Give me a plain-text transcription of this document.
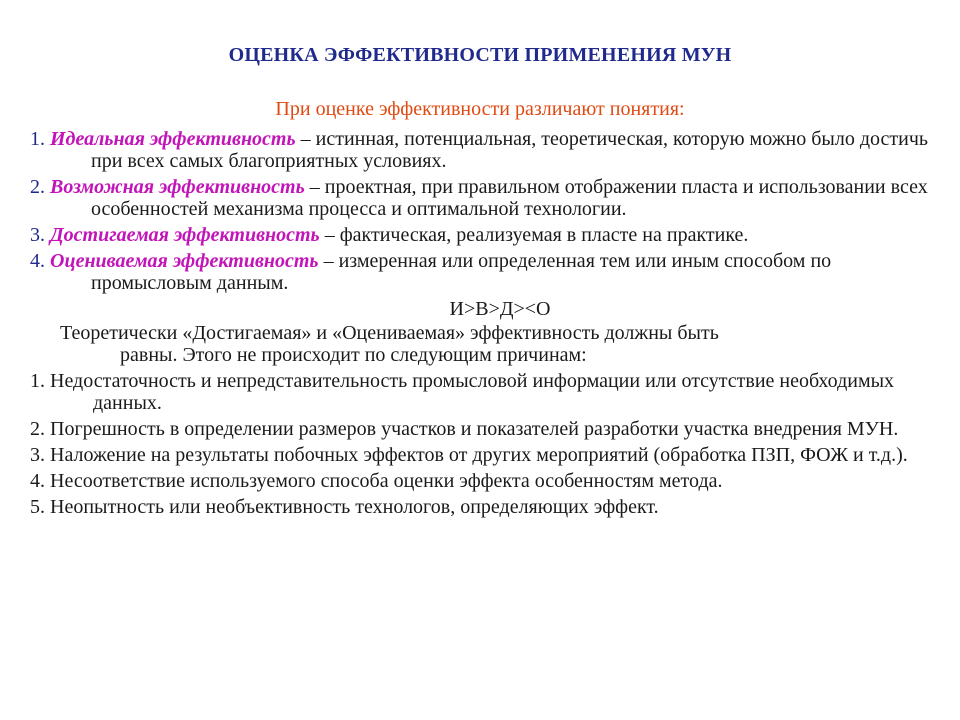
ОЦЕНКА ЭФФЕКТИВНОСТИ ПРИМЕНЕНИЯ МУН
При оценке эффективности различают понятия:
1. Идеальная эффективность – истинная, потенциальная, теоретическая, которую можно было достичь при всех самых благоприятных условиях.
2. Возможная эффективность – проектная, при правильном отображении пласта и использовании всех особенностей механизма процесса и оптимальной технологии.
3. Достигаемая эффективность – фактическая, реализуемая в пласте на практике.
4. Оцениваемая эффективность – измеренная или определенная тем или иным способом по промысловым данным.
И>В>Д><О
Теоретически «Достигаемая» и «Оцениваемая» эффективность должны быть
равны. Этого не происходит по следующим причинам:
1. Недостаточность и непредставительность промысловой информации или отсутствие необходимых данных.
2. Погрешность в определении размеров участков и показателей разработки участка внедрения МУН.
3. Наложение на результаты побочных эффектов от других мероприятий (обработка ПЗП, ФОЖ и т.д.).
4. Несоответствие используемого способа оценки эффекта особенностям метода.
5. Неопытность или необъективность технологов, определяющих эффект.
